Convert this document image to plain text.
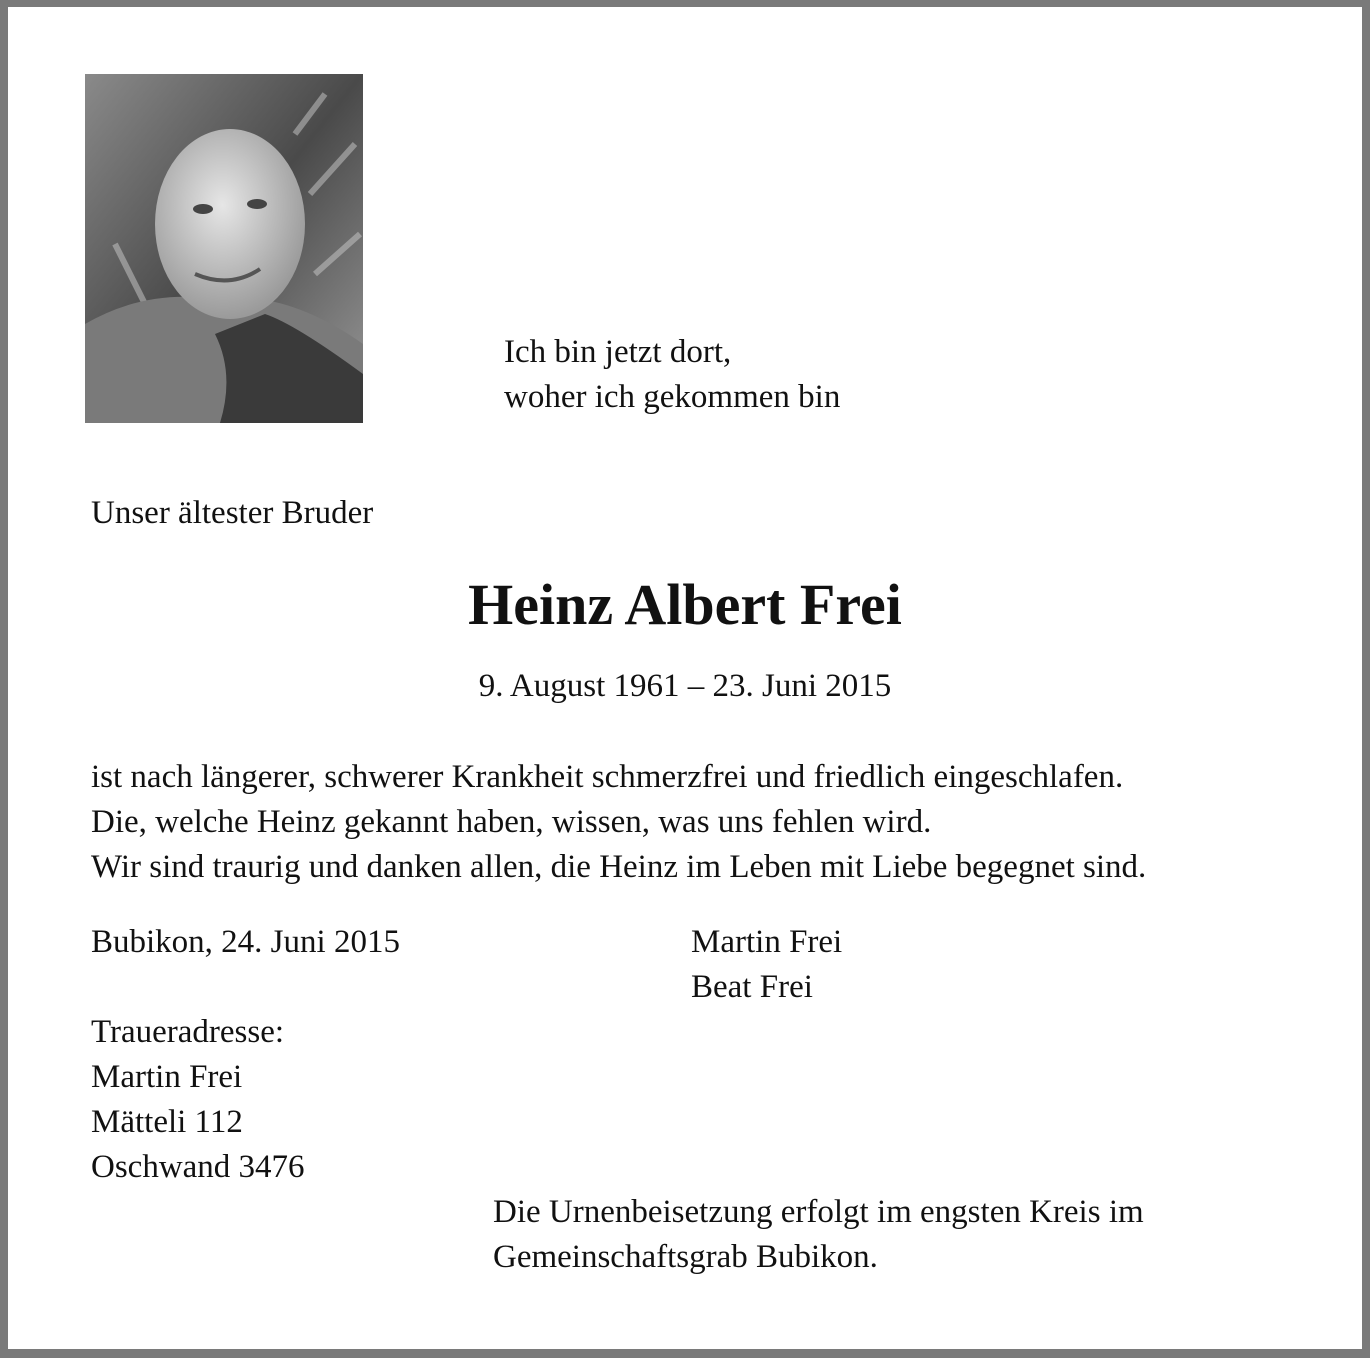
Ich bin jetzt dort,

woher ich gekommen bin

Unser ältester Bruder

Heinz Albert Frei
9. August 1961 – 23. Juni 2015

ist nach längerer, schwerer Krankheit schmerzfrei und friedlich eingeschlafen.

Die, welche Heinz gekannt haben, wissen, was uns fehlen wird.

Wir sind traurig und danken allen, die Heinz im Leben mit Liebe begegnet sind.

Bubikon, 24. Juni 2015	Martin Frei

Beat Frei

Traueradresse:

Martin Frei

Mätteli 112

Oschwand 3476

Die Urnenbeisetzung erfolgt im engsten Kreis im

Gemeinschaftsgrab Bubikon.
